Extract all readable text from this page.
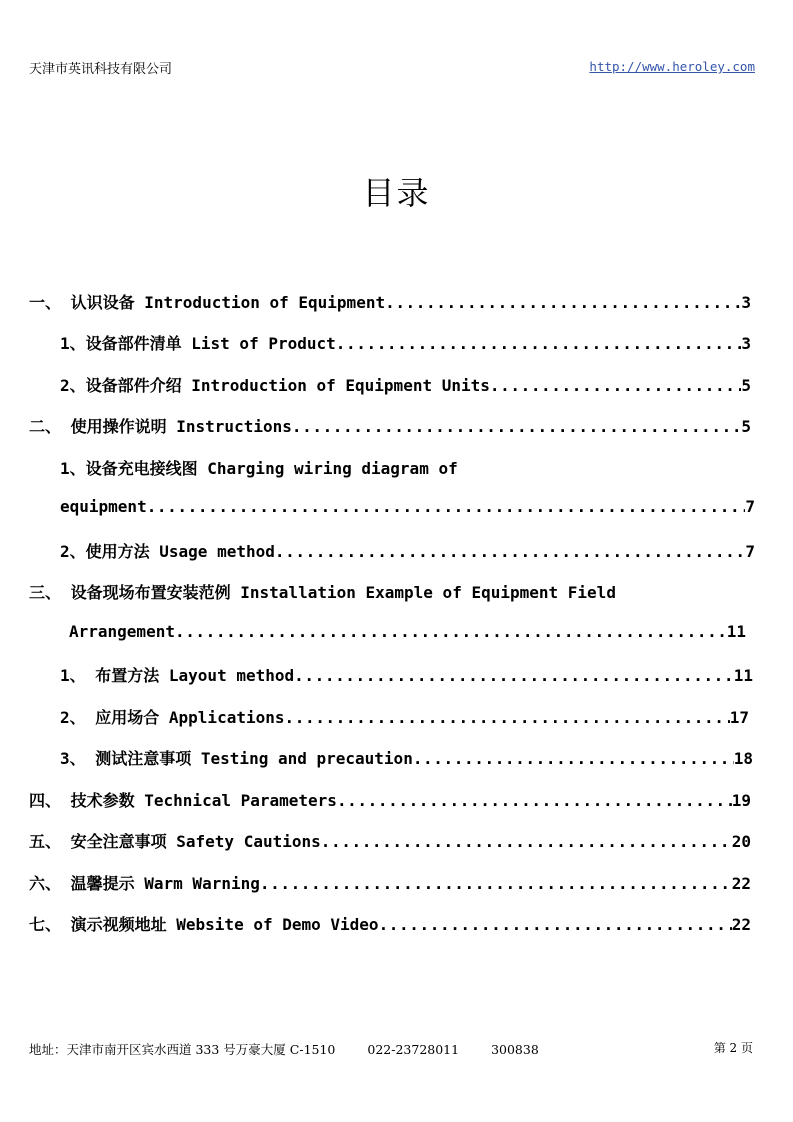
天津市英讯科技有限公司	http://www.heroley.com
目录
一、 认识设备 Introduction of Equipment .....	3
1、设备部件清单 List of Product .....	3
2、设备部件介绍 Introduction of Equipment Units .....	5
二、 使用操作说明 Instructions .....	5
1、设备充电接线图 Charging wiring diagram of
equipment .....	7
2、使用方法 Usage method .....	7
三、 设备现场布置安装范例 Installation Example of Equipment Field
Arrangement .....	11
1、 布置方法 Layout method .....	11
2、 应用场合 Applications .....	17
3、 测试注意事项 Testing and precaution .....	18
四、 技术参数 Technical Parameters .....	19
五、 安全注意事项 Safety Cautions .....	20
六、 温馨提示 Warm Warning .....	22
七、 演示视频地址 Website of Demo Video .....	22
地址：天津市南开区宾水西道 333 号万豪大厦 C-1510	022-23728011	300838	第 2 页
